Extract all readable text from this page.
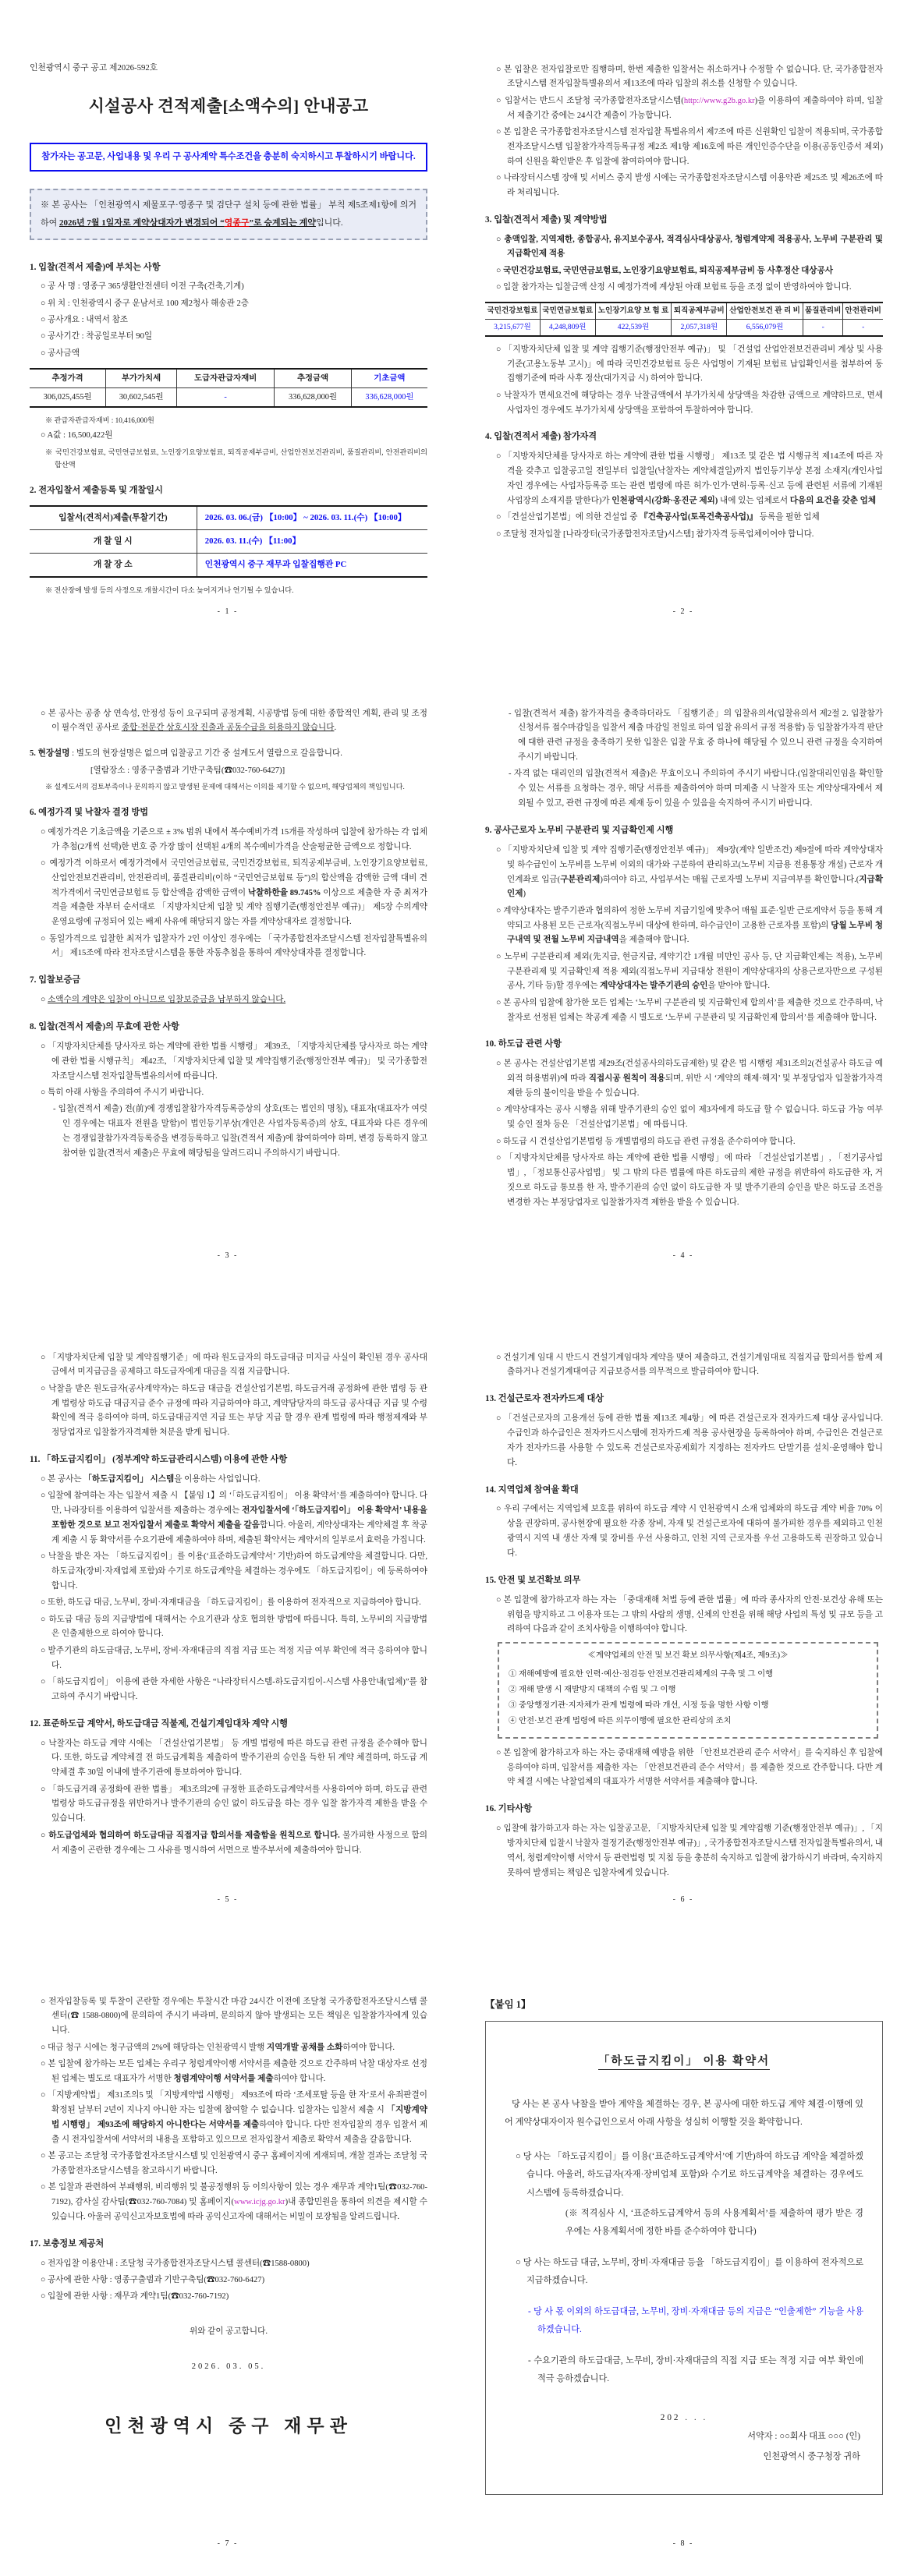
인천광역시 중구 공고 제2026-592호
시설공사 견적제출[소액수의] 안내공고
참가자는 공고문, 사업내용 및 우리 구 공사계약 특수조건을 충분히 숙지하시고 투찰하시기 바랍니다.
※ 본 공사는 「인천광역시 제물포구·영종구 및 검단구 설치 등에 관한 법률」 부칙 제5조제1항에 의거하여 2026년 7월 1일자로 계약상대자가 변경되어 “영종구”로 승계되는 계약입니다.
1. 입찰(견적서 제출)에 부치는 사항
○ 공 사 명 : 영종구 365생활안전센터 이전 구축(건축,기계)
○ 위 치 : 인천광역시 중구 운남서로 100 제2청사 해송관 2층
○ 공사개요 : 내역서 참조
○ 공사기간 : 착공일로부터 90일
○ 공사금액
추정가격	부가가치세	도급자관급자재비	추정금액	기초금액
306,025,455원	30,602,545원	-	336,628,000원	336,628,000원
※ 관급자관급자재비 : 10,416,000원
○ A값 : 16,500,422원
※ 국민건강보험료, 국민연금보험료, 노인장기요양보험료, 퇴직공제부금비, 산업안전보건관리비, 품질관리비, 안전관리비의 합산액
2. 전자입찰서 제출등록 및 개찰일시
입찰서(견적서)제출(투찰기간)	2026. 03. 06.(금) 【10:00】 ~ 2026. 03. 11.(수) 【10:00】
개 찰 일 시	2026. 03. 11.(수) 【11:00】
개 찰 장 소	인천광역시 중구 재무과 입찰집행관 PC
※ 전산장애 발생 등의 사정으로 개찰시간이 다소 늦어지거나 연기될 수 있습니다.
- 1 -
○ 본 입찰은 전자입찰로만 집행하며, 한번 제출한 입찰서는 취소하거나 수정할 수 없습니다. 단, 국가종합전자조달시스템 전자입찰특별유의서 제13조에 따라 입찰의 취소를 신청할 수 있습니다.
○ 입찰서는 반드시 조달청 국가종합전자조달시스템(http://www.g2b.go.kr)을 이용하여 제출하여야 하며, 입찰서 제출기간 중에는 24시간 제출이 가능합니다.
○ 본 입찰은 국가종합전자조달시스템 전자입찰 특별유의서 제7조에 따른 신원확인 입찰이 적용되며, 국가종합전자조달시스템 입찰참가자격등록규정 제2조 제1항 제16호에 따른 개인인증수단을 이용(공동인증서 제외)하여 신원을 확인받은 후 입찰에 참여하여야 합니다.
○ 나라장터시스템 장애 및 서비스 중지 발생 시에는 국가종합전자조달시스템 이용약관 제25조 및 제26조에 따라 처리됩니다.
3. 입찰(견적서 제출) 및 계약방법
○ 총액입찰, 지역제한, 종합공사, 유지보수공사, 적격심사대상공사, 청렴계약제 적용공사, 노무비 구분관리 및 지급확인제 적용
○ 국민건강보험료, 국민연금보험료, 노인장기요양보험료, 퇴직공제부금비 등 사후정산 대상공사
○ 입찰 참가자는 입찰금액 산정 시 예정가격에 계상된 아래 보험료 등을 조정 없이 반영하여야 합니다.
국민건강보험료	국민연금보험료	노인장기요양 보 험 료	퇴직공제부금비	산업안전보건 관 리 비	품질관리비	안전관리비
3,215,677원	4,248,809원	422,539원	2,057,318원	6,556,079원	-	-
○ 「지방자치단체 입찰 및 계약 집행기준(행정안전부 예규)」 및 「건설업 산업안전보건관리비 계상 및 사용기준(고용노동부 고시)」에 따라 국민건강보험료 등은 사업명이 기재된 보험료 납입확인서를 첨부하여 동 집행기준에 따라 사후 정산(대가지급 시) 하여야 합니다.
○ 낙찰자가 면세요건에 해당하는 경우 낙찰금액에서 부가가치세 상당액을 차감한 금액으로 계약하므로, 면세사업자인 경우에도 부가가치세 상당액을 포함하여 투찰하여야 합니다.
4. 입찰(견적서 제출) 참가자격
○ 「지방자치단체를 당사자로 하는 계약에 관한 법률 시행령」 제13조 및 같은 법 시행규칙 제14조에 따른 자격을 갖추고 입찰공고일 전일부터 입찰일(낙찰자는 계약체결일)까지 법인등기부상 본점 소재지(개인사업자인 경우에는 사업자등록증 또는 관련 법령에 따른 허가·인가·면허·등록·신고 등에 관련된 서류에 기재된 사업장의 소재지를 말한다)가 인천광역시(강화·옹진군 제외) 내에 있는 업체로서 다음의 요건을 갖춘 업체
○ 「건설산업기본법」에 의한 건설업 중 『건축공사업(토목건축공사업)』 등록을 필한 업체
○ 조달청 전자입찰 [나라장터(국가종합전자조달)시스템] 참가자격 등록업체이어야 합니다.
- 2 -
○ 본 공사는 공종 상 연속성, 안정성 등이 요구되며 공정계획, 시공방법 등에 대한 종합적인 계획, 관리 및 조정이 필수적인 공사로 종합·전문간 상호시장 진출과 공동수급을 허용하지 않습니다.
5. 현장설명 : 별도의 현장설명은 없으며 입찰공고 기간 중 설계도서 열람으로 갈음합니다.
[열람장소 : 영종구출범과 기반구축팀(☎032-760-6427)]
※ 설계도서의 검토부족이나 문의하지 않고 발생된 문제에 대해서는 이의를 제기할 수 없으며, 해당업체의 책임입니다.
6. 예정가격 및 낙찰자 결정 방법
○ 예정가격은 기초금액을 기준으로 ± 3% 범위 내에서 복수예비가격 15개를 작성하며 입찰에 참가하는 각 업체가 추첨(2개씩 선택)한 번호 중 가장 많이 선택된 4개의 복수예비가격을 산술평균한 금액으로 정합니다.
○ 예정가격 이하로서 예정가격에서 국민연금보험료, 국민건강보험료, 퇴직공제부금비, 노인장기요양보험료, 산업안전보건관리비, 안전관리비, 품질관리비(이하 “국민연금보험료 등”)의 합산액을 감액한 금액 대비 견적가격에서 국민연금보험료 등 합산액을 감액한 금액이 낙찰하한율 89.745% 이상으로 제출한 자 중 최저가격을 제출한 자부터 순서대로 「지방자치단체 입찰 및 계약 집행기준(행정안전부 예규)」 제5장 수의계약 운영요령에 규정되어 있는 배제 사유에 해당되지 않는 자를 계약상대자로 결정합니다.
○ 동일가격으로 입찰한 최저가 입찰자가 2인 이상인 경우에는 「국가종합전자조달시스템 전자입찰특별유의서」 제15조에 따라 전자조달시스템을 통한 자동추첨을 통하여 계약상대자를 결정합니다.
7. 입찰보증금
○ 소액수의 계약은 입찰이 아니므로 입찰보증금을 납부하지 않습니다.
8. 입찰(견적서 제출)의 무효에 관한 사항
○ 「지방자치단체를 당사자로 하는 계약에 관한 법률 시행령」 제39조, 「지방자치단체를 당사자로 하는 계약에 관한 법률 시행규칙」 제42조, 「지방자치단체 입찰 및 계약집행기준(행정안전부 예규)」 및 국가종합전자조달시스템 전자입찰특별유의서에 따릅니다.
○ 특히 아래 사항을 주의하여 주시기 바랍니다.
- 입찰(견적서 제출) 전(前)에 경쟁입찰참가자격등록증상의 상호(또는 법인의 명칭), 대표자(대표자가 여럿인 경우에는 대표자 전원을 말함)이 법인등기부상(개인은 사업자등록증)의 상호, 대표자와 다른 경우에는 경쟁입찰참가자격등록증을 변경등록하고 입찰(견적서 제출)에 참여하여야 하며, 변경 등록하지 않고 참여한 입찰(견적서 제출)은 무효에 해당됨을 알려드리니 주의하시기 바랍니다.
- 3 -
- 입찰(견적서 제출) 참가자격을 충족하더라도 「집행기준」의 입찰유의서(입찰유의서 제2절 2. 입찰참가 신청서류 접수마감일을 입찰서 제출 마감일 전일로 하여 입찰 유의서 규정 적용함) 등 입찰참가자격 판단에 대한 관련 규정을 충족하기 못한 입찰은 입찰 무효 중 하나에 해당될 수 있으니 관련 규정을 숙지하여 주시기 바랍니다.
- 자격 없는 대리인의 입찰(견적서 제출)은 무효이오니 주의하여 주시기 바랍니다.(입찰대리인임을 확인할 수 있는 서류를 요청하는 경우, 해당 서류를 제출하여야 하며 미제출 시 낙찰자 또는 계약상대자에서 제외될 수 있고, 관련 규정에 따른 제재 등이 있을 수 있음을 숙지하여 주시기 바랍니다.
9. 공사근로자 노무비 구분관리 및 지급확인제 시행
○ 「지방자치단체 입찰 및 계약 집행기준(행정안전부 예규)」 제9장(계약 일반조건) 제9절에 따라 계약상대자 및 하수급인이 노무비를 노무비 이외의 대가와 구분하여 관리하고(노무비 지급용 전용통장 개설) 근로자 개인계좌로 입금(구분관리제)하여야 하고, 사업부서는 매월 근로자별 노무비 지급여부를 확인합니다.(지급확인제)
○ 계약상대자는 발주기관과 협의하여 정한 노무비 지급기일에 맞추어 매월 표준·일반 근로계약서 등을 통해 계약되고 사용된 모든 근로자(직접노무비 대상에 한하며, 하수급인이 고용한 근로자를 포함)의 당월 노무비 청구내역 및 전월 노무비 지급내역을 제출해야 합니다.
○ 노무비 구분관리제 제외(先지급, 현금지급, 계약기간 1개월 미만인 공사 등, 단 지급확인제는 적용), 노무비 구분관리제 및 지급확인제 적용 제외(직접노무비 지급대상 전원이 계약상대자의 상용근로자만으로 구성된 공사, 기타 등)할 경우에는 계약상대자는 발주기관의 승인을 받아야 합니다.
○ 본 공사의 입찰에 참가한 모든 업체는 ‘노무비 구분관리 및 지급확인제 합의서’를 제출한 것으로 간주하며, 낙찰자로 선정된 업체는 착공계 제출 시 별도로 ‘노무비 구분관리 및 지급확인제 합의서’를 제출해야 합니다.
10. 하도급 관련 사항
○ 본 공사는 건설산업기본법 제29조(건설공사의하도급제한) 및 같은 법 시행령 제31조의2(건설공사 하도급 예외적 허용범위)에 따라 직접시공 원칙이 적용되며, 위반 시 ‘계약의 해제·해지’ 및 부정당업자 입찰참가자격제한 등의 불이익을 받을 수 있습니다.
○ 계약상대자는 공사 시행을 위해 발주기관의 승인 없이 제3자에게 하도급 할 수 없습니다. 하도급 가능 여부 및 승인 절차 등은 「건설산업기본법」에 따릅니다.
○ 하도급 시 건설산업기본법령 등 개별법령의 하도급 관련 규정을 준수하여야 합니다.
○ 「지방자치단체를 당사자로 하는 계약에 관한 법률 시행령」에 따라 「건설산업기본법」, 「전기공사업법」, 「정보통신공사업법」 및 그 밖의 다른 법률에 따른 하도급의 제한 규정을 위반하여 하도급한 자, 거짓으로 하도급 통보를 한 자, 발주기관의 승인 없이 하도급한 자 및 발주기관의 승인을 받은 하도급 조건을 변경한 자는 부정당업자로 입찰참가자격 제한을 받을 수 있습니다.
- 4 -
○ 「지방자치단체 입찰 및 계약집행기준」에 따라 원도급자의 하도급대금 미지급 사실이 확인된 경우 공사대금에서 미지급금을 공제하고 하도급자에게 대금을 직접 지급합니다.
○ 낙찰을 받은 원도급자(공사계약자)는 하도급 대금을 건설산업기본법, 하도급거래 공정화에 관한 법령 등 관계 법령상 하도급 대금지급 준수 규정에 따라 지급하여야 하고, 계약담당자의 하도급 공사대금 지급 및 수령 확인에 적극 응하여야 하며, 하도급대금지연 지급 또는 부당 지급 할 경우 관계 법령에 따라 행정제재와 부정당업자로 입찰참가자격제한 처분을 받게 됩니다.
11. 「하도급지킴이」 (정부계약 하도급관리시스템) 이용에 관한 사항
○ 본 공사는 「하도급지킴이」 시스템을 이용하는 사업입니다.
○ 입찰에 참여하는 자는 입찰서 제출 시 【붙임 1】의 ‘「하도급지킴이」 이용 확약서’를 제출하여야 합니다. 다만, 나라장터를 이용하여 입찰서를 제출하는 경우에는 전자입찰서에 ‘「하도급지킴이」 이용 확약서’ 내용을 포함한 것으로 보고 전자입찰서 제출로 확약서 제출을 갈음합니다. 아울러, 계약상대자는 계약체결 후 착공계 제출 시 동 확약서를 수요기관에 제출하여야 하며, 제출된 확약서는 계약서의 일부로서 효력을 가집니다.
○ 낙찰을 받은 자는 「하도급지킴이」를 이용(‘표준하도급계약서’ 기반)하여 하도급계약을 체결합니다. 다만, 하도급자(장비·자재업체 포함)와 수기로 하도급계약을 체결하는 경우에도 「하도급지킴이」에 등록하여야 합니다.
○ 또한, 하도급 대금, 노무비, 장비·자재대금을 「하도급지킴이」를 이용하여 전자적으로 지급하여야 합니다.
○ 하도급 대금 등의 지급방법에 대해서는 수요기관과 상호 협의한 방법에 따릅니다. 특히, 노무비의 지급방법은 인출제한으로 하여야 합니다.
○ 발주기관의 하도급대금, 노무비, 장비·자재대금의 직접 지급 또는 적정 지급 여부 확인에 적극 응하여야 합니다.
○ 「하도급지킴이」 이용에 관한 자세한 사항은 “나라장터시스템-하도급지킴이-시스템 사용안내(업체)”를 참고하여 주시기 바랍니다.
12. 표준하도급 계약서, 하도급대금 직불제, 건설기계임대차 계약 시행
○ 낙찰자는 하도급 계약 시에는 「건설산업기본법」 등 개별 법령에 따른 하도급 관련 규정을 준수해야 합니다. 또한, 하도급 계약체결 전 하도급계획을 제출하여 발주기관의 승인을 득한 뒤 계약 체결하며, 하도급 계약체결 후 30일 이내에 발주기관에 통보하여야 합니다.
○ 「하도급거래 공정화에 관한 법률」 제3조의2에 규정한 표준하도급계약서를 사용하여야 하며, 하도급 관련 법령상 하도급규정을 위반하거나 발주기관의 승인 없이 하도급을 하는 경우 입찰 참가자격 제한을 받을 수 있습니다.
○ 하도급업체와 협의하여 하도급대금 직접지급 합의서를 제출함을 원칙으로 합니다. 불가피한 사정으로 합의서 제출이 곤란한 경우에는 그 사유를 명시하여 서면으로 발주부서에 제출하여야 합니다.
- 5 -
○ 건설기계 임대 시 반드시 건설기계임대차 계약을 맺어 제출하고, 건설기계임대료 직접지급 합의서를 함께 제출하거나 건설기계대여금 지급보증서를 의무적으로 발급하여야 합니다.
13. 건설근로자 전자카드제 대상
○ 「건설근로자의 고용개선 등에 관한 법률 제13조 제4항」에 따른 건설근로자 전자카드제 대상 공사입니다. 수급인과 하수급인은 전자카드시스템에 전자카드제 적용 공사현장을 등록하여야 하며, 수급인은 건설근로자가 전자카드를 사용할 수 있도록 건설근로자공제회가 지정하는 전자카드 단말기를 설치·운영해야 합니다.
14. 지역업체 참여율 확대
○ 우리 구에서는 지역업체 보호를 위하여 하도급 계약 시 인천광역시 소재 업체와의 하도급 계약 비율 70% 이상을 권장하며, 공사현장에 필요한 각종 장비, 자재 및 건설근로자에 대하여 불가피한 경우를 제외하고 인천광역시 지역 내 생산 자재 및 장비를 우선 사용하고, 인천 지역 근로자를 우선 고용하도록 권장하고 있습니다.
15. 안전 및 보건확보 의무
○ 본 입찰에 참가하고자 하는 자는 「중대재해 처벌 등에 관한 법률」에 따라 종사자의 안전·보건상 유해 또는 위험을 방지하고 그 이용자 또는 그 밖의 사람의 생명, 신체의 안전을 위해 해당 사업의 특성 및 규모 등을 고려하여 다음과 같이 조치사항을 이행하여야 합니다.
≪계약업체의 안전 및 보건 확보 의무사항(제4조, 제9조)≫
① 재해예방에 필요한 인력·예산·점검등 안전보건관리체계의 구축 및 그 이행
② 재해 발생 시 재발방지 대책의 수립 및 그 이행
③ 중앙행정기관·지자체가 관계 법령에 따라 개선, 시정 등을 명한 사항 이행
④ 안전·보건 관계 법령에 따른 의무이행에 필요한 관리상의 조치
○ 본 입찰에 참가하고자 하는 자는 중대재해 예방을 위한 「안전보건관리 준수 서약서」를 숙지하신 후 입찰에 응하여야 하며, 입찰서를 제출한 자는 「안전보건관리 준수 서약서」를 제출한 것으로 간주합니다. 다만 계약 체결 시에는 낙찰업체의 대표자가 서명한 서약서를 제출해야 합니다.
16. 기타사항
○ 입찰에 참가하고자 하는 자는 입찰공고문, 「지방자치단체 입찰 및 계약집행 기준(행정안전부 예규)」, 「지방자치단체 입찰시 낙찰자 결정기준(행정안전부 예규)」, 국가종합전자조달시스템 전자입찰특별유의서, 내역서, 청렴계약이행 서약서 등 관련법령 및 지침 등을 충분히 숙지하고 입찰에 참가하시기 바라며, 숙지하지 못하여 발생되는 책임은 입찰자에게 있습니다.
- 6 -
○ 전자입찰등록 및 투찰이 곤란할 경우에는 투찰시간 마감 24시간 이전에 조달청 국가종합전자조달시스템 콜센터(☎ 1588-0800)에 문의하여 주시기 바라며, 문의하지 않아 발생되는 모든 책임은 입찰참가자에게 있습니다.
○ 대금 청구 시에는 청구금액의 2%에 해당하는 인천광역시 발행 지역개발 공채를 소화하여야 합니다.
○ 본 입찰에 참가하는 모든 업체는 우리구 청렴계약이행 서약서를 제출한 것으로 간주하며 낙찰 대상자로 선정된 업체는 별도로 대표자가 서명한 청렴계약이행 서약서를 제출하여야 합니다.
○ 「지방계약법」 제31조의5 및 「지방계약법 시행령」 제93조에 따라 ‘조세포탈 등을 한 자’로서 유죄판결이 확정된 날부터 2년이 지나지 아니한 자는 입찰에 참여할 수 없습니다. 입찰자는 입찰서 제출 시 「지방계약법 시행령」 제93조에 해당하지 아니한다는 서약서를 제출하여야 합니다. 다만 전자입찰의 경우 입찰서 제출 시 전자입찰서에 서약서의 내용을 포함하고 있으므로 전자입찰서 제출로 확약서 제출을 갈음합니다.
○ 본 공고는 조달청 국가종합전자조달시스템 및 인천광역시 중구 홈페이지에 게재되며, 개찰 결과는 조달청 국가종합전자조달시스템을 참고하시기 바랍니다.
○ 본 입찰과 관련하여 부패행위, 비리행위 및 불공정행위 등 이의사항이 있는 경우 재무과 계약1팀(☎032-760-7192), 감사실 감사팀(☎032-760-7084) 및 홈페이지(www.icjg.go.kr)내 종합민원을 통하여 의견을 제시할 수 있습니다. 아울러 공익신고자보호법에 따라 공익신고자에 대해서는 비밀이 보장됨을 알려드립니다.
17. 보충정보 제공처
○ 전자입찰 이용안내 : 조달청 국가종합전자조달시스템 콜센터(☎1588-0800)
○ 공사에 관한 사항 : 영종구출범과 기반구축팀(☎032-760-6427)
○ 입찰에 관한 사항 : 재무과 계약1팀(☎032-760-7192)
위와 같이 공고합니다.
2026. 03. 05.
인천광역시 중구 재무관
- 7 -
【붙임 1】
「하도급지킴이」 이용 확약서
당 사는 본 공사 낙찰을 받아 계약을 체결하는 경우, 본 공사에 대한 하도급 계약 체결·이행에 있어 계약상대자이자 원수급인으로서 아래 사항을 성실히 이행할 것을 확약합니다.
○ 당 사는 「하도급지킴이」를 이용(‘표준하도급계약서’에 기반)하여 하도급 계약을 체결하겠습니다. 아울러, 하도급자(자재·장비업체 포함)와 수기로 하도급계약을 체결하는 경우에도 시스템에 등록하겠습니다.
(※ 적격심사 시, ‘표준하도급계약서 등의 사용계획서’를 제출하여 평가 받은 경우에는 사용계획서에 정한 바를 준수하여야 합니다)
○ 당 사는 하도급 대금, 노무비, 장비·자재대금 등을 「하도급지킴이」를 이용하여 전자적으로 지급하겠습니다.
- 당 사 몫 이외의 하도급대금, 노무비, 장비·자재대금 등의 지급은 “인출제한” 기능을 사용하겠습니다.
- 수요기관의 하도급대금, 노무비, 장비·자재대금의 직접 지급 또는 적정 지급 여부 확인에 적극 응하겠습니다.
202 . . .
서약자 : ○○회사 대표 ○○○ (인)
인천광역시 중구청장 귀하
- 8 -
